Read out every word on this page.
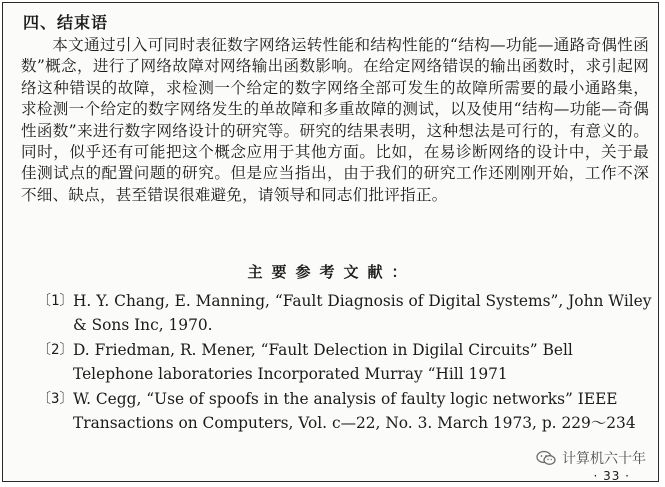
四、结束语
本文通过引入可同时表征数字网络运转性能和结构性能的“结构—功能—通路奇偶性函数”概念，进行了网络故障对网络输出函数影响。在给定网络错误的输出函数时，求引起网络这种错误的故障，求检测一个给定的数字网络全部可发生的故障所需要的最小通路集，求检测一个给定的数字网络发生的单故障和多重故障的测试，以及使用“结构—功能—奇偶性函数”来进行数字网络设计的研究等。研究的结果表明，这种想法是可行的，有意义的。同时，似乎还有可能把这个概念应用于其他方面。比如，在易诊断网络的设计中，关于最佳测试点的配置问题的研究。但是应当指出，由于我们的研究工作还刚刚开始，工作不深不细、缺点，甚至错误很难避免，请领导和同志们批评指正。
主要参考文献：
〔1〕 H. Y. Chang, E. Manning, “Fault Diagnosis of Digital Systems”, John Wiley & Sons Inc, 1970.
〔2〕 D. Friedman, R. Mener, “Fault Delection in Digilal Circuits” Bell Telephone laboratories Incorporated Murray “Hill 1971
〔3〕 W. Cegg, “Use of spoofs in the analysis of faulty logic networks” IEEE Transactions on Computers, Vol. c—22, No. 3. March 1973, p. 229～234
计算机六十年
· 33 ·
